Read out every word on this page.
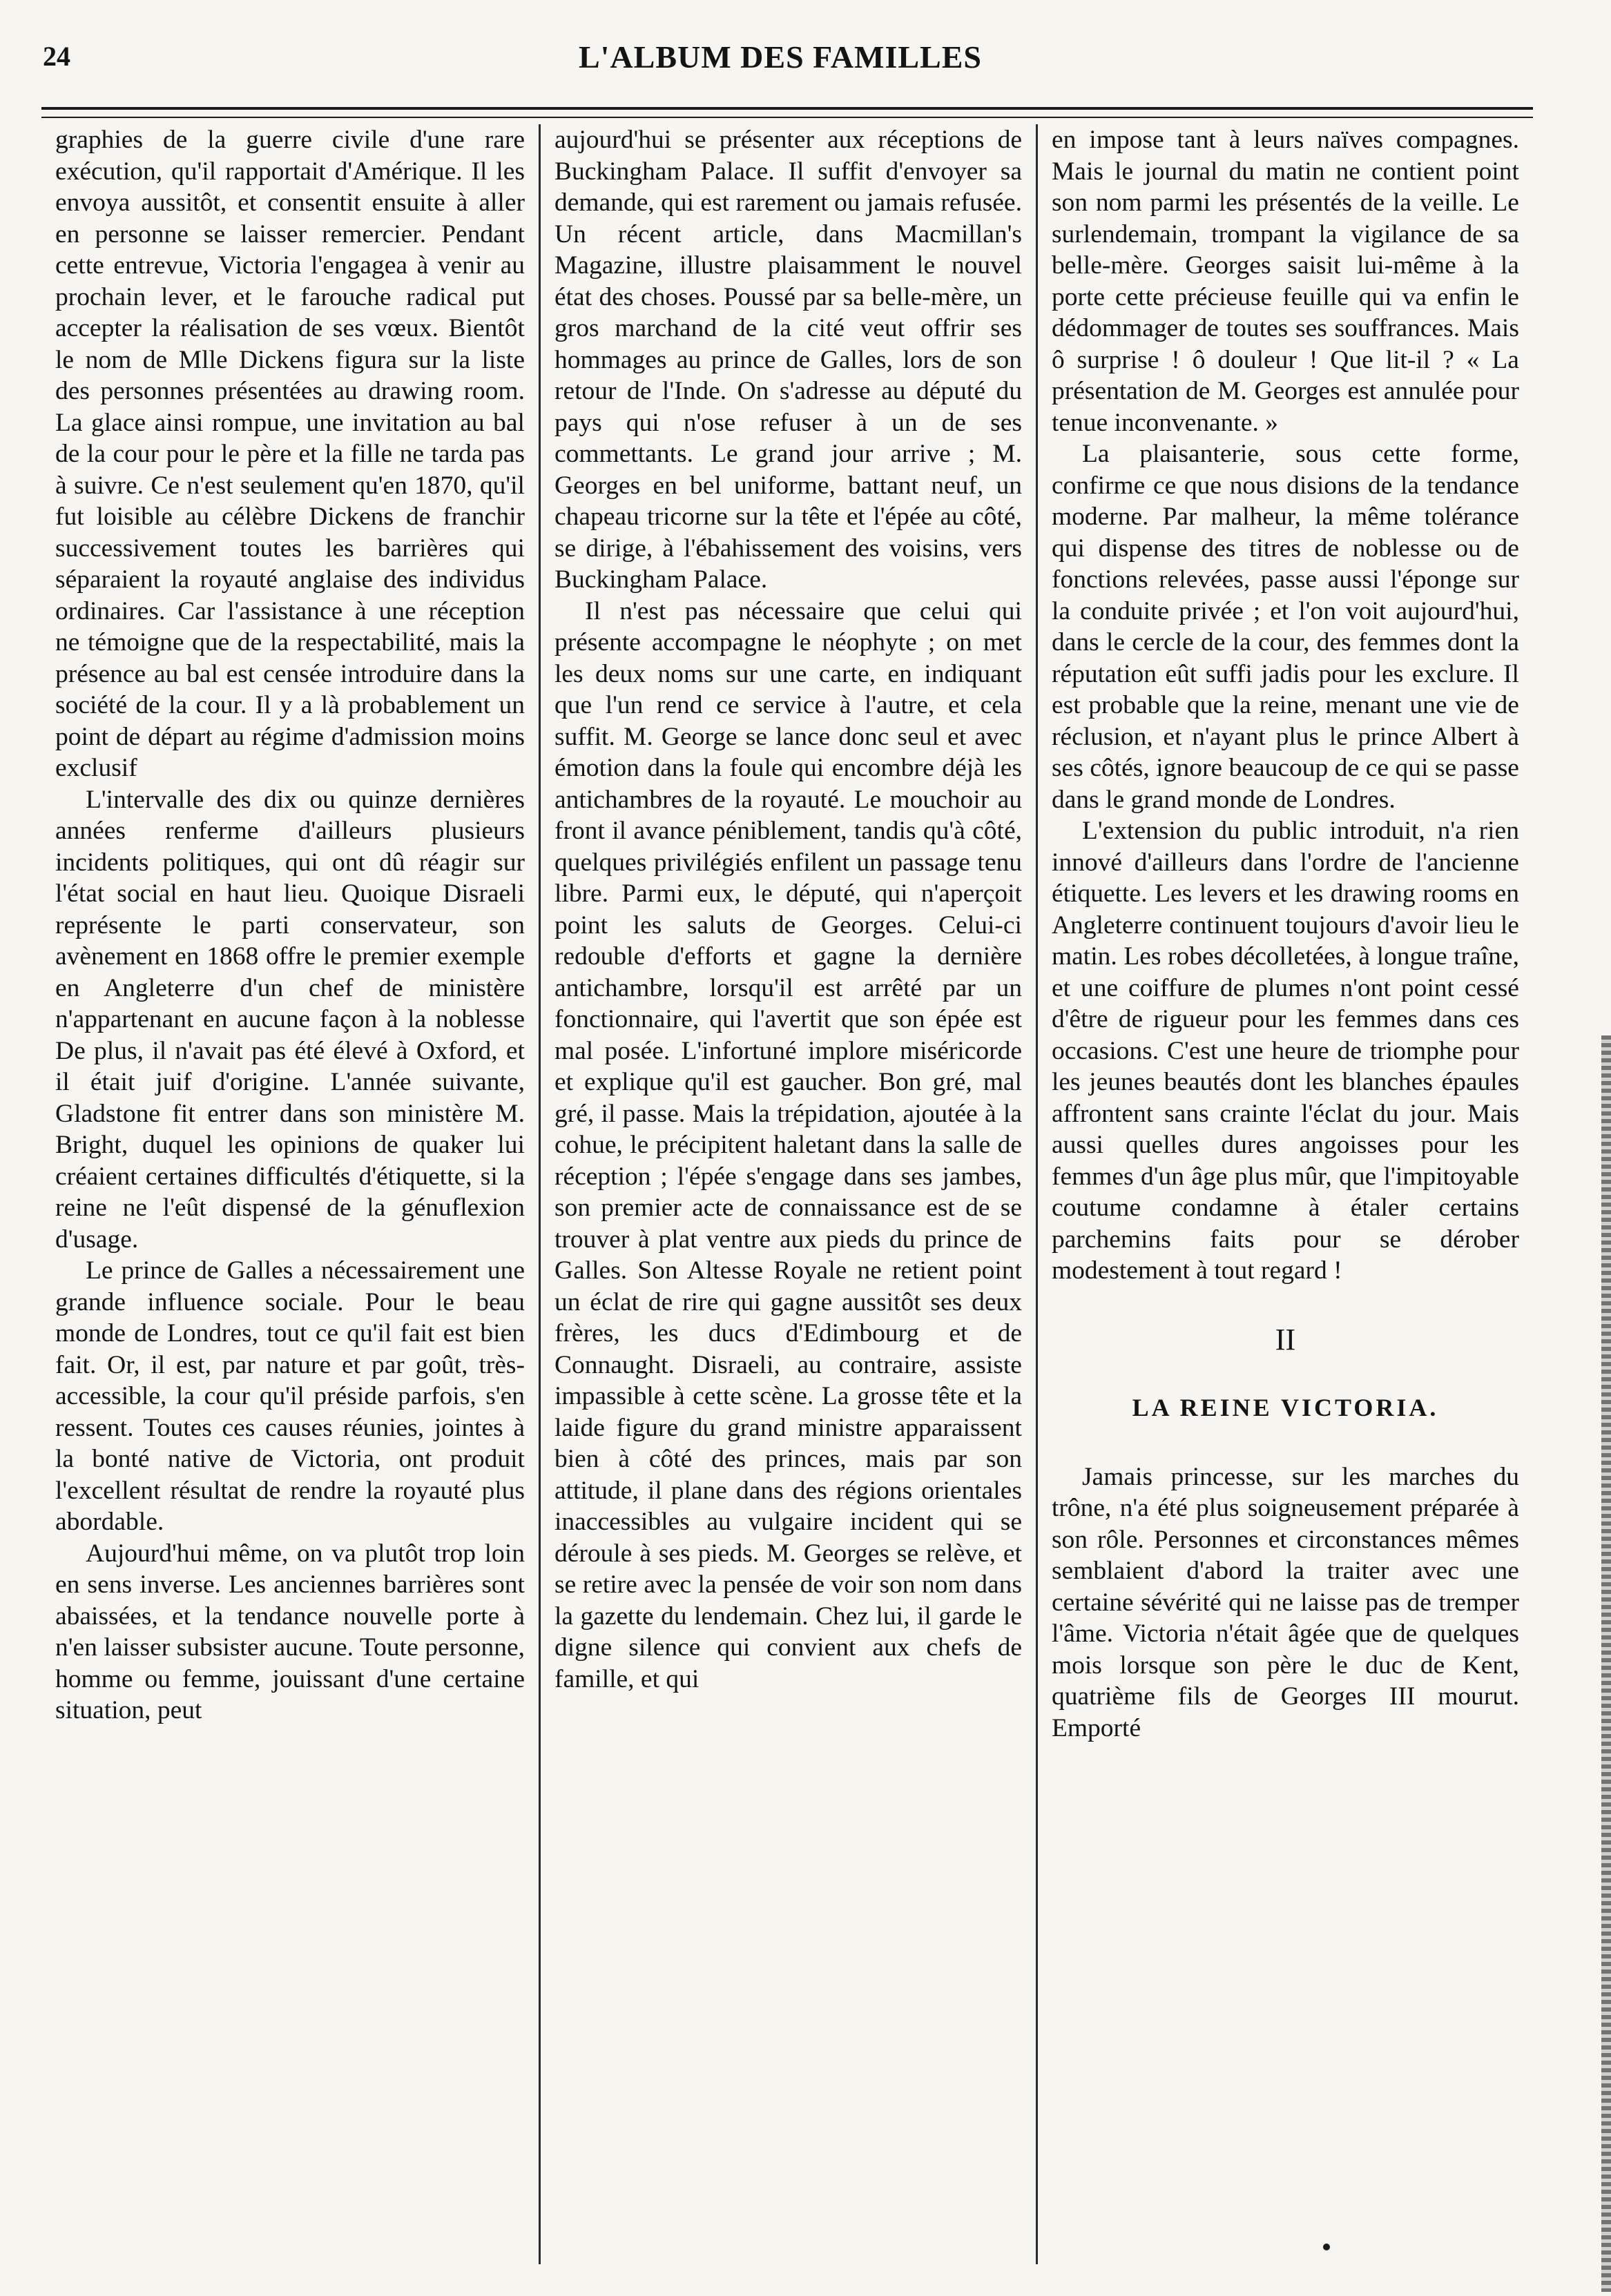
24	L'ALBUM DES FAMILLES

graphies de la guerre civile d'une rare exécution, qu'il rapportait d'Amérique. Il les envoya aussitôt, et consentit ensuite à aller en personne se laisser remercier. Pendant cette entrevue, Victoria l'engagea à venir au prochain lever, et le farouche radical put accepter la réalisation de ses vœux. Bientôt le nom de Mlle Dickens figura sur la liste des personnes présentées au drawing room. La glace ainsi rompue, une invitation au bal de la cour pour le père et la fille ne tarda pas à suivre. Ce n'est seulement qu'en 1870, qu'il fut loisible au célèbre Dickens de franchir successivement toutes les barrières qui séparaient la royauté anglaise des individus ordinaires. Car l'assistance à une réception ne témoigne que de la respectabilité, mais la présence au bal est censée introduire dans la société de la cour. Il y a là probablement un point de départ au régime d'admission moins exclusif

L'intervalle des dix ou quinze dernières années renferme d'ailleurs plusieurs incidents politiques, qui ont dû réagir sur l'état social en haut lieu. Quoique Disraeli représente le parti conservateur, son avènement en 1868 offre le premier exemple en Angleterre d'un chef de ministère n'appartenant en aucune façon à la noblesse De plus, il n'avait pas été élevé à Oxford, et il était juif d'origine. L'année suivante, Gladstone fit entrer dans son ministère M. Bright, duquel les opinions de quaker lui créaient certaines difficultés d'étiquette, si la reine ne l'eût dispensé de la génuflexion d'usage.

Le prince de Galles a nécessairement une grande influence sociale. Pour le beau monde de Londres, tout ce qu'il fait est bien fait. Or, il est, par nature et par goût, très-accessible, la cour qu'il préside parfois, s'en ressent. Toutes ces causes réunies, jointes à la bonté native de Victoria, ont produit l'excellent résultat de rendre la royauté plus abordable.

Aujourd'hui même, on va plutôt trop loin en sens inverse. Les anciennes barrières sont abaissées, et la tendance nouvelle porte à n'en laisser subsister aucune. Toute personne, homme ou femme, jouissant d'une certaine situation, peut

aujourd'hui se présenter aux réceptions de Buckingham Palace. Il suffit d'envoyer sa demande, qui est rarement ou jamais refusée. Un récent article, dans Macmillan's Magazine, illustre plaisamment le nouvel état des choses. Poussé par sa belle-mère, un gros marchand de la cité veut offrir ses hommages au prince de Galles, lors de son retour de l'Inde. On s'adresse au député du pays qui n'ose refuser à un de ses commettants. Le grand jour arrive ; M. Georges en bel uniforme, battant neuf, un chapeau tricorne sur la tête et l'épée au côté, se dirige, à l'ébahissement des voisins, vers Buckingham Palace.

Il n'est pas nécessaire que celui qui présente accompagne le néophyte ; on met les deux noms sur une carte, en indiquant que l'un rend ce service à l'autre, et cela suffit. M. George se lance donc seul et avec émotion dans la foule qui encombre déjà les antichambres de la royauté. Le mouchoir au front il avance péniblement, tandis qu'à côté, quelques privilégiés enfilent un passage tenu libre. Parmi eux, le député, qui n'aperçoit point les saluts de Georges. Celui-ci redouble d'efforts et gagne la dernière antichambre, lorsqu'il est arrêté par un fonctionnaire, qui l'avertit que son épée est mal posée. L'infortuné implore miséricorde et explique qu'il est gaucher. Bon gré, mal gré, il passe. Mais la trépidation, ajoutée à la cohue, le précipitent haletant dans la salle de réception ; l'épée s'engage dans ses jambes, son premier acte de connaissance est de se trouver à plat ventre aux pieds du prince de Galles. Son Altesse Royale ne retient point un éclat de rire qui gagne aussitôt ses deux frères, les ducs d'Edimbourg et de Connaught. Disraeli, au contraire, assiste impassible à cette scène. La grosse tête et la laide figure du grand ministre apparaissent bien à côté des princes, mais par son attitude, il plane dans des régions orientales inaccessibles au vulgaire incident qui se déroule à ses pieds. M. Georges se relève, et se retire avec la pensée de voir son nom dans la gazette du lendemain. Chez lui, il garde le digne silence qui convient aux chefs de famille, et qui

en impose tant à leurs naïves compagnes. Mais le journal du matin ne contient point son nom parmi les présentés de la veille. Le surlendemain, trompant la vigilance de sa belle-mère. Georges saisit lui-même à la porte cette précieuse feuille qui va enfin le dédommager de toutes ses souffrances. Mais ô surprise ! ô douleur ! Que lit-il ? « La présentation de M. Georges est annulée pour tenue inconvenante. »

La plaisanterie, sous cette forme, confirme ce que nous disions de la tendance moderne. Par malheur, la même tolérance qui dispense des titres de noblesse ou de fonctions relevées, passe aussi l'éponge sur la conduite privée ; et l'on voit aujourd'hui, dans le cercle de la cour, des femmes dont la réputation eût suffi jadis pour les exclure. Il est probable que la reine, menant une vie de réclusion, et n'ayant plus le prince Albert à ses côtés, ignore beaucoup de ce qui se passe dans le grand monde de Londres.

L'extension du public introduit, n'a rien innové d'ailleurs dans l'ordre de l'ancienne étiquette. Les levers et les drawing rooms en Angleterre continuent toujours d'avoir lieu le matin. Les robes décolletées, à longue traîne, et une coiffure de plumes n'ont point cessé d'être de rigueur pour les femmes dans ces occasions. C'est une heure de triomphe pour les jeunes beautés dont les blanches épaules affrontent sans crainte l'éclat du jour. Mais aussi quelles dures angoisses pour les femmes d'un âge plus mûr, que l'impitoyable coutume condamne à étaler certains parchemins faits pour se dérober modestement à tout regard !

II
LA REINE VICTORIA.

Jamais princesse, sur les marches du trône, n'a été plus soigneusement préparée à son rôle. Personnes et circonstances mêmes semblaient d'abord la traiter avec une certaine sévérité qui ne laisse pas de tremper l'âme. Victoria n'était âgée que de quelques mois lorsque son père le duc de Kent, quatrième fils de Georges III mourut. Emporté
